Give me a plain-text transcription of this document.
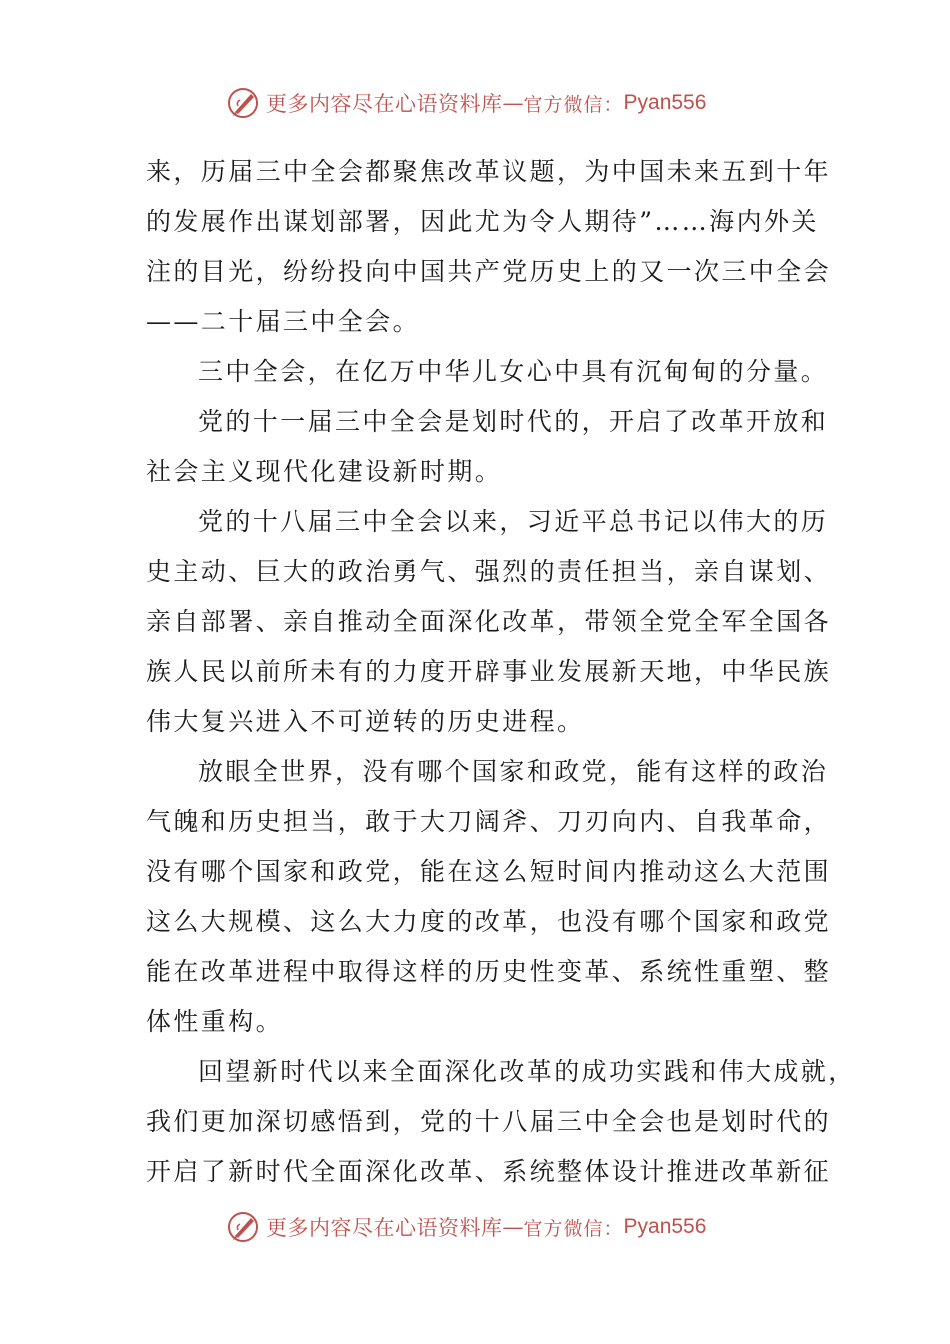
更多内容尽在心语资料库 — 官方微信： Pyan556
来，历届三中全会都聚焦改革议题，为中国未来五到十年
的发展作出谋划部署，因此尤为令人期待”……海内外关
注的目光，纷纷投向中国共产党历史上的又一次三中全会
——二十届三中全会。
三中全会，在亿万中华儿女心中具有沉甸甸的分量。
党的十一届三中全会是划时代的，开启了改革开放和
社会主义现代化建设新时期。
党的十八届三中全会以来，习近平总书记以伟大的历
史主动、巨大的政治勇气、强烈的责任担当，亲自谋划、
亲自部署、亲自推动全面深化改革，带领全党全军全国各
族人民以前所未有的力度开辟事业发展新天地，中华民族
伟大复兴进入不可逆转的历史进程。
放眼全世界，没有哪个国家和政党，能有这样的政治
气魄和历史担当，敢于大刀阔斧、刀刃向内、自我革命，
没有哪个国家和政党，能在这么短时间内推动这么大范围
这么大规模、这么大力度的改革，也没有哪个国家和政党
能在改革进程中取得这样的历史性变革、系统性重塑、整
体性重构。
回望新时代以来全面深化改革的成功实践和伟大成就，
我们更加深切感悟到，党的十八届三中全会也是划时代的
开启了新时代全面深化改革、系统整体设计推进改革新征
更多内容尽在心语资料库 — 官方微信： Pyan556
